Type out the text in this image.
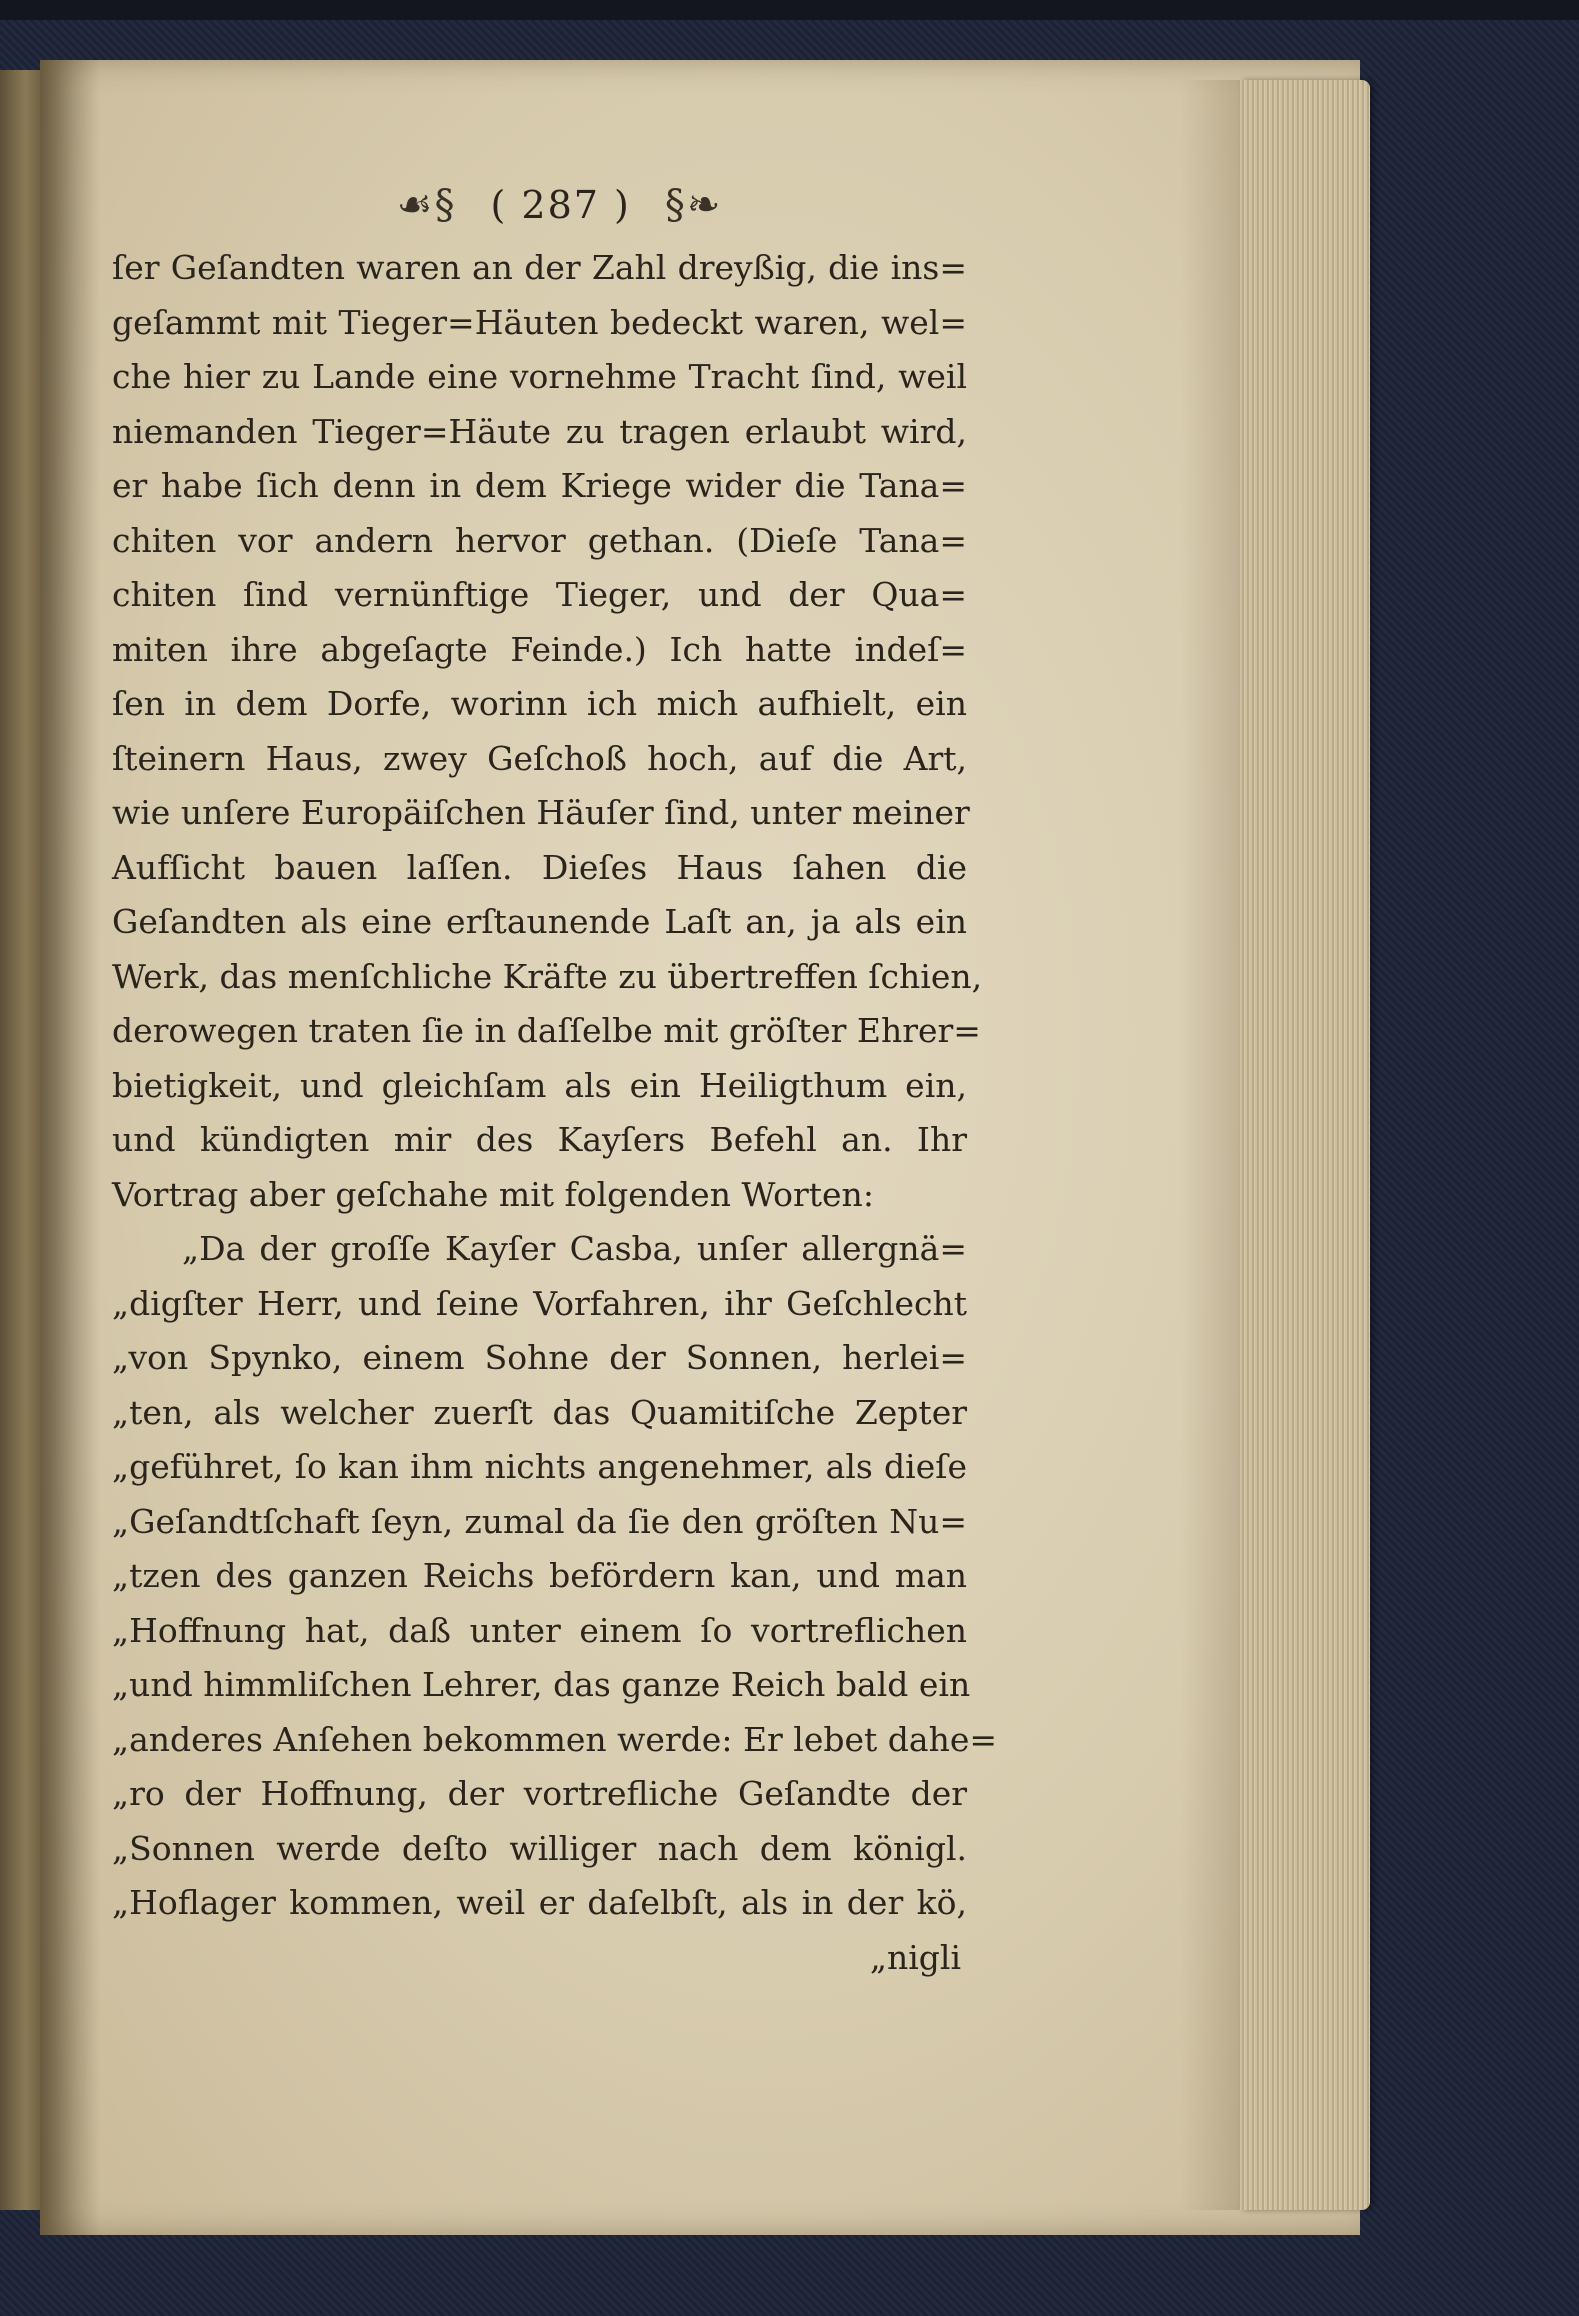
☙§ ( 287 ) §❧
ſer Geſandten waren an der Zahl dreyßig, die ins=
geſammt mit Tieger=Häuten bedeckt waren, wel=
che hier zu Lande eine vornehme Tracht ſind, weil
niemanden Tieger=Häute zu tragen erlaubt wird,
er habe ſich denn in dem Kriege wider die Tana=
chiten vor andern hervor gethan. (Dieſe Tana=
chiten ſind vernünftige Tieger, und der Qua=
miten ihre abgeſagte Feinde.) Ich hatte indeſ=
ſen in dem Dorfe, worinn ich mich aufhielt, ein
ſteinern Haus, zwey Geſchoß hoch, auf die Art,
wie unſere Europäiſchen Häuſer ſind, unter meiner
Aufſicht bauen laſſen. Dieſes Haus ſahen die
Geſandten als eine erſtaunende Laſt an, ja als ein
Werk, das menſchliche Kräfte zu übertreffen ſchien,
derowegen traten ſie in daſſelbe mit gröſter Ehrer=
bietigkeit, und gleichſam als ein Heiligthum ein,
und kündigten mir des Kayſers Befehl an. Ihr
Vortrag aber geſchahe mit folgenden Worten:
„Da der groſſe Kayſer Casba, unſer allergnä=
„digſter Herr, und ſeine Vorfahren, ihr Geſchlecht
„von Spynko, einem Sohne der Sonnen, herlei=
„ten, als welcher zuerſt das Quamitiſche Zepter
„geführet, ſo kan ihm nichts angenehmer, als dieſe
„Geſandtſchaft ſeyn, zumal da ſie den gröſten Nu=
„tzen des ganzen Reichs befördern kan, und man
„Hoffnung hat, daß unter einem ſo vortreflichen
„und himmliſchen Lehrer, das ganze Reich bald ein
„anderes Anſehen bekommen werde: Er lebet dahe=
„ro der Hoffnung, der vortrefliche Geſandte der
„Sonnen werde deſto williger nach dem königl.
„Hoflager kommen, weil er daſelbſt, als in der kö,
„nigli
